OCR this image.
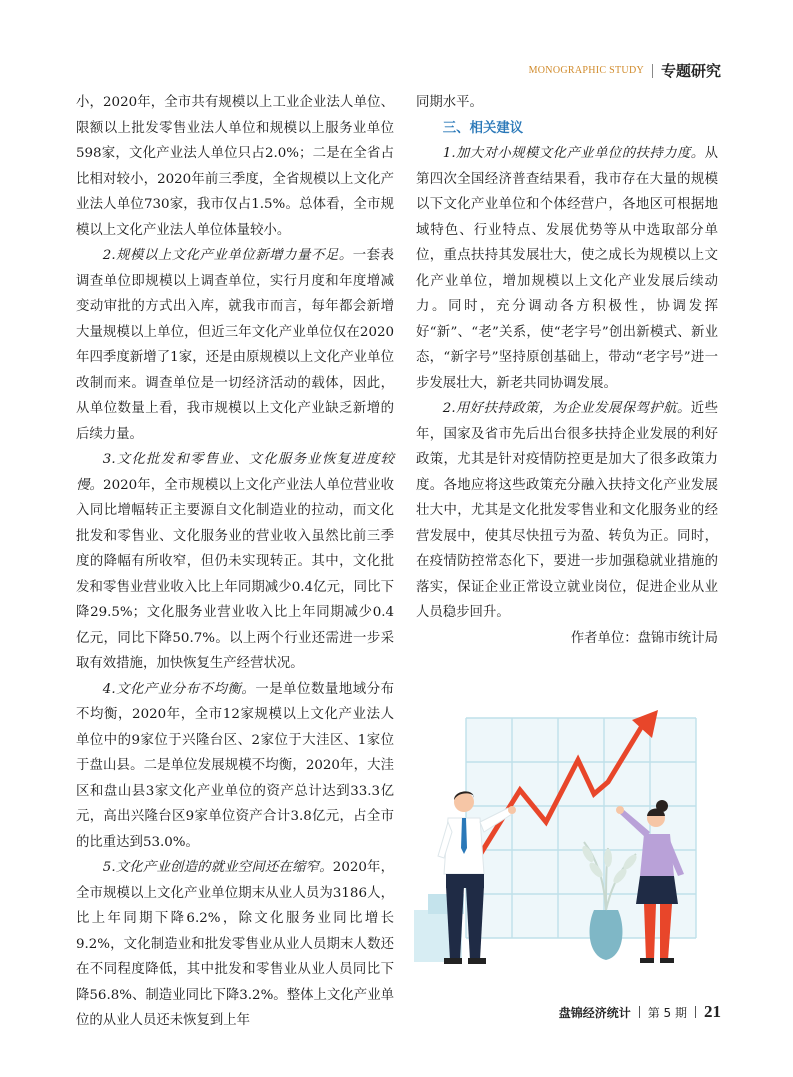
MONOGRAPHIC STUDY 专题研究

小，2020年，全市共有规模以上工业企业法人单位、限额以上批发零售业法人单位和规模以上服务业单位598家，文化产业法人单位只占2.0%；二是在全省占比相对较小，2020年前三季度，全省规模以上文化产业法人单位730家，我市仅占1.5%。总体看，全市规模以上文化产业法人单位体量较小。

2.规模以上文化产业单位新增力量不足。一套表调查单位即规模以上调查单位，实行月度和年度增减变动审批的方式出入库，就我市而言，每年都会新增大量规模以上单位，但近三年文化产业单位仅在2020年四季度新增了1家，还是由原规模以上文化产业单位改制而来。调查单位是一切经济活动的载体，因此，从单位数量上看，我市规模以上文化产业缺乏新增的后续力量。

3.文化批发和零售业、文化服务业恢复进度较慢。2020年，全市规模以上文化产业法人单位营业收入同比增幅转正主要源自文化制造业的拉动，而文化批发和零售业、文化服务业的营业收入虽然比前三季度的降幅有所收窄，但仍未实现转正。其中，文化批发和零售业营业收入比上年同期减少0.4亿元，同比下降29.5%；文化服务业营业收入比上年同期减少0.4亿元，同比下降50.7%。以上两个行业还需进一步采取有效措施，加快恢复生产经营状况。

4.文化产业分布不均衡。一是单位数量地域分布不均衡，2020年，全市12家规模以上文化产业法人单位中的9家位于兴隆台区、2家位于大洼区、1家位于盘山县。二是单位发展规模不均衡，2020年，大洼区和盘山县3家文化产业单位的资产总计达到33.3亿元，高出兴隆台区9家单位资产合计3.8亿元，占全市的比重达到53.0%。

5.文化产业创造的就业空间还在缩窄。2020年，全市规模以上文化产业单位期末从业人员为3186人，比上年同期下降6.2%，除文化服务业同比增长9.2%，文化制造业和批发零售业从业人员期末人数还在不同程度降低，其中批发和零售业从业人员同比下降56.8%、制造业同比下降3.2%。整体上文化产业单位的从业人员还未恢复到上年

同期水平。

三、相关建议

1.加大对小规模文化产业单位的扶持力度。从第四次全国经济普查结果看，我市存在大量的规模以下文化产业单位和个体经营户，各地区可根据地域特色、行业特点、发展优势等从中选取部分单位，重点扶持其发展壮大，使之成长为规模以上文化产业单位，增加规模以上文化产业发展后续动力。同时，充分调动各方积极性，协调发挥好“新”、“老”关系，使“老字号”创出新模式、新业态，“新字号”坚持原创基础上，带动“老字号”进一步发展壮大，新老共同协调发展。

2.用好扶持政策，为企业发展保驾护航。近些年，国家及省市先后出台很多扶持企业发展的利好政策，尤其是针对疫情防控更是加大了很多政策力度。各地应将这些政策充分融入扶持文化产业发展壮大中，尤其是文化批发零售业和文化服务业的经营发展中，使其尽快扭亏为盈、转负为正。同时，在疫情防控常态化下，要进一步加强稳就业措施的落实，保证企业正常设立就业岗位，促进企业从业人员稳步回升。

作者单位：盘锦市统计局

盘锦经济统计 第 5 期 21
